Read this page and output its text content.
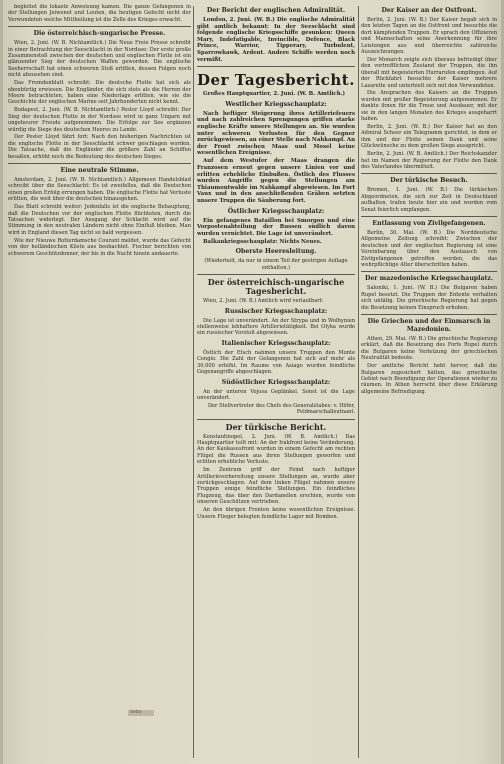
begleitet die lokaste Anweisung kamen. Die ganze Gefangenen in der Stellungen Jeiwenet und Leuten, die heutigen Gefecht nicht der Verwundeten welche Mittheilung ist die Zelle des Krieges erwacht.

Die österreichisch-ungarische Presse.

Wien, 2. Juni. (W. B. Nichtamtlich.) Die Neue Freie Presse schreibt in einer Betrachtung der Seeschlacht in der Nordsee: Der erste große Zusammenstoß zwischen der deutschen und englischen Flotte ist ein glänzender Sieg der deutschen Waffen geworden. Die englische Seeherrschaft hat einen schweren Stoß erlitten, dessen Folgen noch nicht abzusehen sind.

Das Fremdenblatt schreibt: Die deutsche Flotte hat sich als ebenbürtig erwiesen. Die Engländer, die sich stets als die Herren der Meere betrachteten, haben eine Niederlage erlitten, wie sie die Geschichte der englischen Marine seit Jahrhunderten nicht kennt.

Budapest, 2. Juni. (W. B. Nichtamtlich.) Pester Lloyd schreibt: Der Sieg der deutschen Flotte in der Nordsee wird in ganz Ungarn mit ungeheurer Freude aufgenommen. Die Erfolge zur See ergänzen würdig die Siege des deutschen Heeres zu Lande.

Der Pester Lloyd fährt fort: Nach den bisherigen Nachrichten ist die englische Flotte in der Seeschlacht schwer geschlagen worden. Die Tatsache, daß die Engländer die größere Zahl an Schiffen besaßen, erhöht noch die Bedeutung des deutschen Sieges.

Eine neutrale Stimme.

Amsterdam, 2. Juni. (W. B. Nichtamtlich.) Allgemeen Handelsblad schreibt über die Seeschlacht: Es ist zweifellos, daß die Deutschen einen großen Erfolg errungen haben. Die englische Flotte hat Verluste erlitten, die weit über die deutschen hinausgehen.

Das Blatt schreibt weiter: Jedenfalls ist die englische Behauptung, daß die Deutschen vor der englischen Flotte flüchteten, durch die Tatsachen widerlegt. Der Ausgang der Schlacht wird auf die Stimmung in den neutralen Ländern nicht ohne Einfluß bleiben. Man wird in England diesen Tag nicht so bald vergessen.

Wie der Nieuwe Rotterdamsche Courant meldet, wurde das Gefecht von der holländischen Küste aus beobachtet. Fischer berichten von schwerem Geschützdonner, der bis in die Nacht hinein andauerte.

Der Bericht der englischen Admiralität.

London, 2. Juni. (W. B.) Die englische Admiralität gibt amtlich bekannt: In der Seeschlacht sind folgende englische Kriegsschiffe gesunken: Queen Mary, Indefatigable, Invincible, Defence, Black Prince, Warrior, Tipperary, Turbulent, Sparrowhawk, Ardent. Andere Schiffe werden noch vermißt.

Der Tagesbericht.

Großes Hauptquartier, 2. Juni. (W. B. Amtlich.)

Westlicher Kriegsschauplatz:

Nach heftiger Steigerung ihres Artilleriefeuers und nach zahlreichen Sprengungen griffen starke englische Kräfte unsere Stellungen an. Sie wurden unter schweren Verlusten für den Gegner zurückgewiesen, an einer Stelle nach Nahkampf. An der Front zwischen Maas und Mosel keine wesentlichen Ereignisse.

Auf dem Westufer der Maas drangen die Franzosen erneut gegen unsere Linien vor und erlitten erhebliche Einbußen. Östlich des Flusses wurden Angriffe gegen die Stellungen am Thiaumontwalde im Nahkampf abgewiesen. Im Fort Vaux und in den anschließenden Gräben setzten unsere Truppen die Säuberung fort.

Östlicher Kriegsschauplatz:

Ein gefangenes Bataillon bei Smorgon und eine Vorpostenabteilung der Russen südlich davon wurden vernichtet. Die Lage ist unverändert.

Balkankriegsschauplatz: Nichts Neues.

Oberste Heeresleitung.

(Wiederholt, da nur in einem Teil der gestrigen Auflage enthalten.)

Der österreichisch-ungarische Tagesbericht.

Wien, 2. Juni. (W. B.) Amtlich wird verlautbart:

Russischer Kriegsschauplatz:

Die Lage ist unverändert. An der Strypa und in Wolhynien stellenweise lebhaftere Artillerietätigkeit. Bei Olyka wurde ein russischer Vorstoß abgewiesen.

Italienischer Kriegsschauplatz:

Östlich der Etsch nahmen unsere Truppen den Monte Cengio. Die Zahl der Gefangenen hat sich auf mehr als 30.000 erhöht. Im Raume von Asiago wurden feindliche Gegenangriffe abgeschlagen.

Südöstlicher Kriegsschauplatz:

An der unteren Vojusa Geplänkel. Sonst ist die Lage unverändert.

Der Stellvertreter des Chefs des Generalstabes: v. Höfer, Feldmarschalleutnant.

Der türkische Bericht.

Konstantinopel, 2. Juni. (W. B. Amtlich.) Das Hauptquartier teilt mit: An der Irakfront keine Veränderung. An der Kaukasusfront wurden in einem Gefecht am rechten Flügel die Russen aus ihren Stellungen geworfen und erlitten erhebliche Verluste.

Im Zentrum griff der Feind nach heftiger Artillerievorbereitung unsere Stellungen an, wurde aber zurückgeschlagen. Auf dem linken Flügel nahmen unsere Truppen einige feindliche Stellungen. Ein feindliches Flugzeug, das über den Dardanellen erschien, wurde von unseren Geschützen vertrieben.

An den übrigen Fronten keine wesentlichen Ereignisse. Unsere Flieger belegten feindliche Lager mit Bomben.

Der Kaiser an der Ostfront.

Berlin, 2. Juni. (W. B.) Der Kaiser begab sich in den letzten Tagen an die Ostfront und besuchte die dort kämpfenden Truppen. Er sprach den Offizieren und Mannschaften seine Anerkennung für ihre Leistungen aus und überreichte zahlreiche Auszeichnungen.

Der Monarch zeigte sich überaus befriedigt über den vortrefflichen Zustand der Truppen, die ihn überall mit begeisterten Hurrarufen empfingen. Auf der Rückfahrt besuchte der Kaiser mehrere Lazarette und unterhielt sich mit den Verwundeten.

Die Ansprachen des Kaisers an die Truppen wurden mit großer Begeisterung aufgenommen. Er dankte ihnen für die Treue und Ausdauer, mit der sie in den langen Monaten des Krieges ausgeharrt haben.

Berlin, 2. Juni. (W. B.) Der Kaiser hat an den Admiral Scheer ein Telegramm gerichtet, in dem er ihm und der Flotte seinen Dank und seine Glückwünsche zu dem großen Siege ausspricht.

Berlin, 2. Juni. (W. B. Amtlich.) Der Reichskanzler hat im Namen der Regierung der Flotte den Dank des Vaterlandes übermittelt.

Der türkische Besuch.

Bremen, 1. Juni. (W. B.) Die türkischen Abgeordneten, die sich zur Zeit in Deutschland aufhalten, trafen heute hier ein und wurden vom Senat feierlich empfangen.

Entlassung von Zivilgefangenen.

Berlin, 30. Mai. (W. B.) Die Norddeutsche Allgemeine Zeitung schreibt: Zwischen der deutschen und der englischen Regierung ist eine Vereinbarung über den Austausch von Zivilgefangenen getroffen worden, die das wehrpflichtige Alter überschritten haben.

Der mazedonische Kriegsschauplatz.

Saloniki, 1. Juni. (W. B.) Die Bulgaren haben Rupel besetzt. Die Truppen der Entente verhalten sich untätig. Die griechische Regierung hat gegen die Besetzung keinen Einspruch erhoben.

Die Griechen und der Einmarsch in Mazedonien.

Athen, 29. Mai. (W. B.) Die griechische Regierung erklärt, daß die Besetzung des Forts Rupel durch die Bulgaren keine Verletzung der griechischen Neutralität bedeute.

Der amtliche Bericht hebt hervor, daß die Bulgaren zugesichert hätten, das griechische Gebiet nach Beendigung der Operationen wieder zu räumen. In Athen herrscht über diese Erklärung allgemeine Befriedigung.

Seite
